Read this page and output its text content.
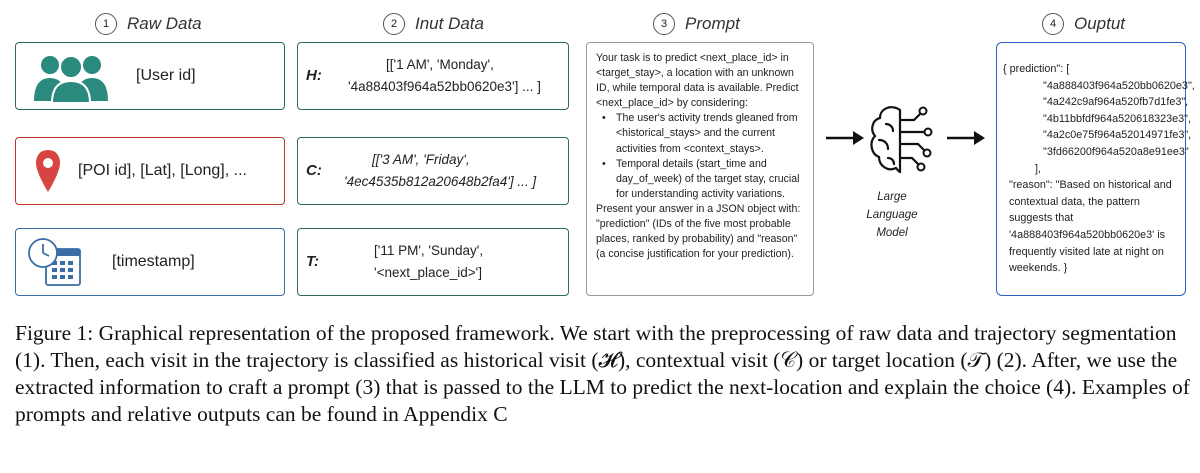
1	Raw Data	2	Inut Data	3	Prompt	4	Ouptut
[User id]
[POI id], [Lat], [Long], ...
[timestamp]
H:
[['1 AM', 'Monday',
'4a88403f964a52bb0620e3'] ... ]
C:
[['3 AM', 'Friday',
'4ec4535b812a20648b2fa4'] ... ]
T:
['11 PM', 'Sunday',
'<next_place_id>']

Your task is to predict <next_place_id> in <target_stay>, a location with an unknown ID, while temporal data is available. Predict <next_place_id> by considering:

• The user's activity trends gleaned from <historical_stays> and the current activities from <context_stays>.
• Temporal details (start_time and day_of_week) of the target stay, crucial for understanding activity variations.

Present your answer in a JSON object with: "prediction" (IDs of the five most probable places, ranked by probability) and "reason" (a concise justification for your prediction).

Large
Language
Model
{ prediction": [
"4a888403f964a520bb0620e3",
"4a242c9af964a520fb7d1fe3",
"4b11bbfdf964a520618323e3",
"4a2c0e75f964a52014971fe3",
"3fd66200f964a520a8e91ee3"
],
"reason": "Based on historical and contextual data, the pattern suggests that '4a888403f964a520bb0620e3' is frequently visited late at night on weekends. }
Figure 1: Graphical representation of the proposed framework. We start with the preprocessing of raw data and trajectory segmentation (1). Then, each visit in the trajectory is classified as historical visit (𝓗), contextual visit (𝒞) or target location (𝒯) (2). After, we use the extracted information to craft a prompt (3) that is passed to the LLM to predict the next-location and explain the choice (4). Examples of prompts and relative outputs can be found in Appendix C
